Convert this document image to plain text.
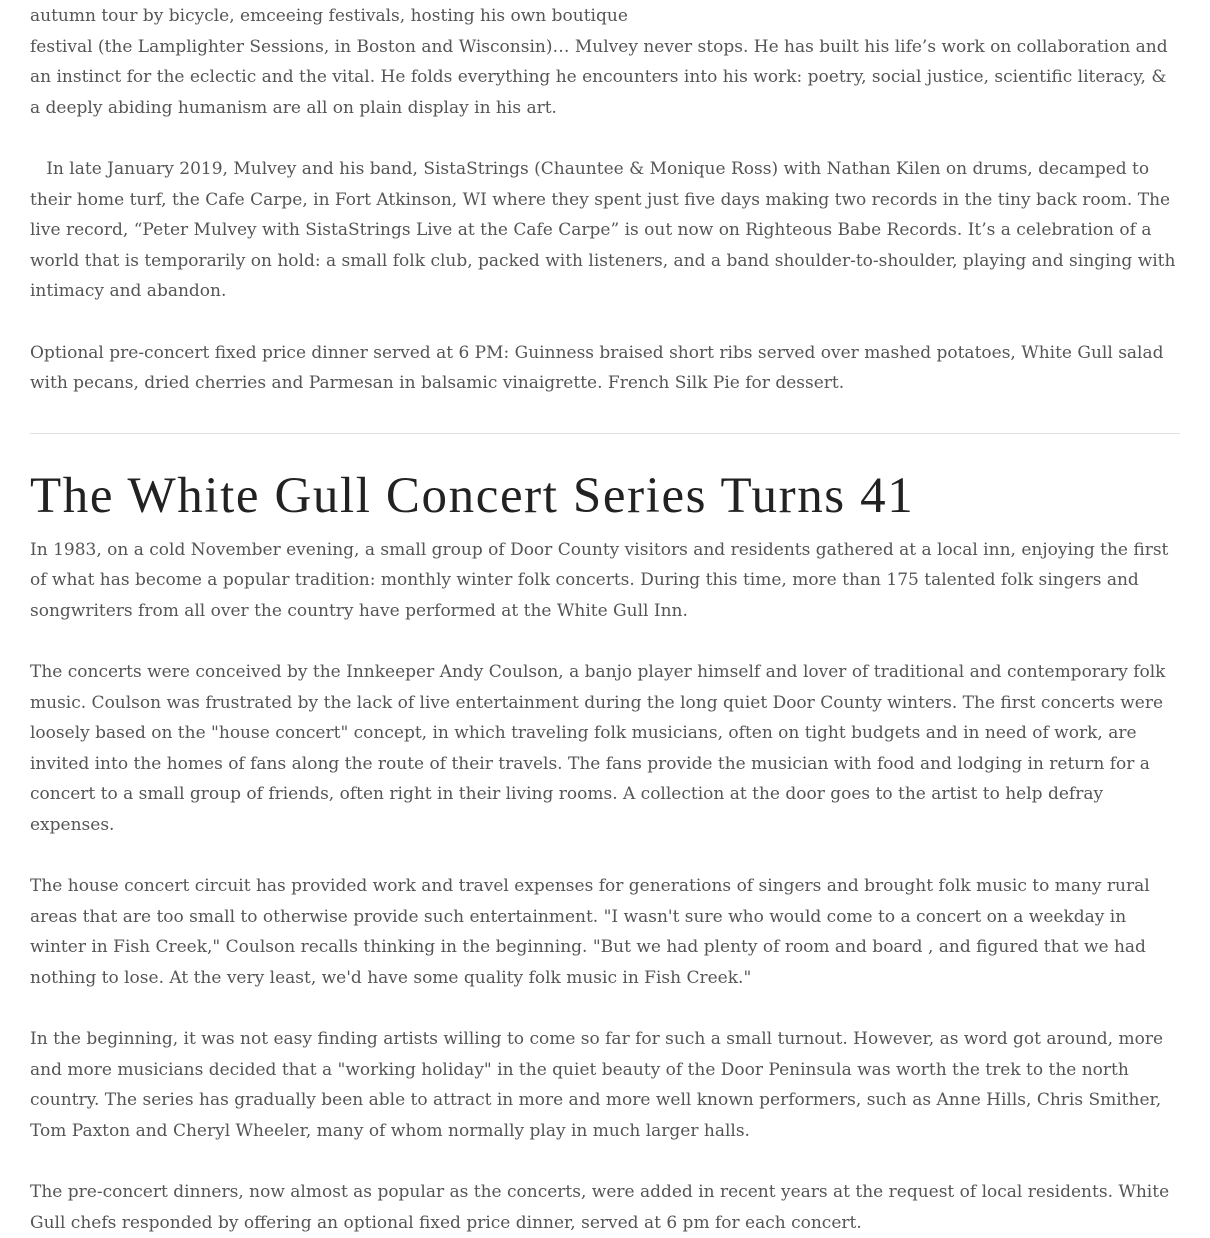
autumn tour by bicycle, emceeing festivals, hosting his own boutique

festival (the Lamplighter Sessions, in Boston and Wisconsin)… Mulvey never stops. He has built his life’s work on collaboration and an instinct for the eclectic and the vital. He folds everything he encounters into his work: poetry, social justice, scientific literacy, & a deeply abiding humanism are all on plain display in his art.

In late January 2019, Mulvey and his band, SistaStrings (Chauntee & Monique Ross) with Nathan Kilen on drums, decamped to their home turf, the Cafe Carpe, in Fort Atkinson, WI where they spent just five days making two records in the tiny back room. The live record, “Peter Mulvey with SistaStrings Live at the Cafe Carpe” is out now on Righteous Babe Records. It’s a celebration of a world that is temporarily on hold: a small folk club, packed with listeners, and a band shoulder-to-shoulder, playing and singing with intimacy and abandon.

Optional pre-concert fixed price dinner served at 6 PM: Guinness braised short ribs served over mashed potatoes, White Gull salad with pecans, dried cherries and Parmesan in balsamic vinaigrette. French Silk Pie for dessert.

The White Gull Concert Series Turns 41

In 1983, on a cold November evening, a small group of Door County visitors and residents gathered at a local inn, enjoying the first of what has become a popular tradition: monthly winter folk concerts. During this time, more than 175 talented folk singers and songwriters from all over the country have performed at the White Gull Inn.

The concerts were conceived by the Innkeeper Andy Coulson, a banjo player himself and lover of traditional and contemporary folk music. Coulson was frustrated by the lack of live entertainment during the long quiet Door County winters. The first concerts were loosely based on the "house concert" concept, in which traveling folk musicians, often on tight budgets and in need of work, are invited into the homes of fans along the route of their travels. The fans provide the musician with food and lodging in return for a concert to a small group of friends, often right in their living rooms. A collection at the door goes to the artist to help defray expenses.

The house concert circuit has provided work and travel expenses for generations of singers and brought folk music to many rural areas that are too small to otherwise provide such entertainment. "I wasn't sure who would come to a concert on a weekday in winter in Fish Creek," Coulson recalls thinking in the beginning. "But we had plenty of room and board , and figured that we had nothing to lose. At the very least, we'd have some quality folk music in Fish Creek."

In the beginning, it was not easy finding artists willing to come so far for such a small turnout. However, as word got around, more and more musicians decided that a "working holiday" in the quiet beauty of the Door Peninsula was worth the trek to the north country. The series has gradually been able to attract in more and more well known performers, such as Anne Hills, Chris Smither, Tom Paxton and Cheryl Wheeler, many of whom normally play in much larger halls.

The pre-concert dinners, now almost as popular as the concerts, were added in recent years at the request of local residents. White Gull chefs responded by offering an optional fixed price dinner, served at 6 pm for each concert.
